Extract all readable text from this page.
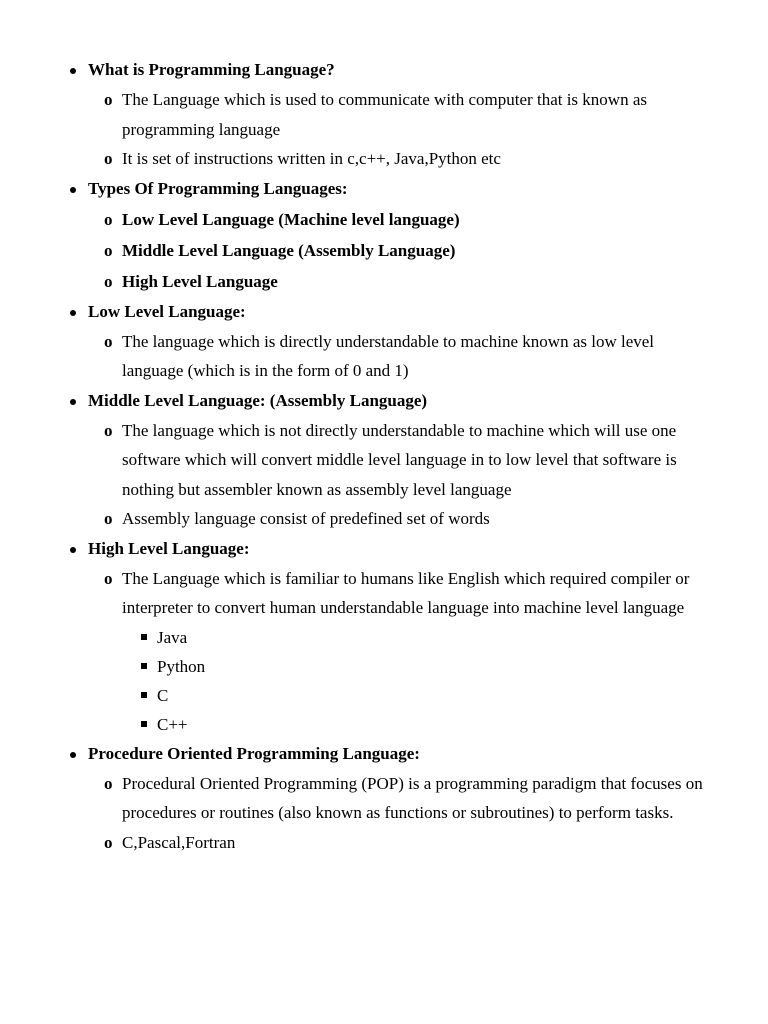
What is Programming Language?
o The Language which is used to communicate with computer that is known as programming language
o It is set of instructions written in c,c++, Java,Python etc
Types Of Programming Languages:
o Low Level Language (Machine level language)
o Middle Level Language (Assembly Language)
o High Level Language
Low Level Language:
o The language which is directly understandable to machine known as low level language (which is in the form of 0 and 1)
Middle Level Language: (Assembly Language)
o The language which is not directly understandable to machine which will use one software which will convert middle level language in to low level that software is nothing but assembler known as assembly level language
o Assembly language consist of predefined set of words
High Level Language:
o The Language which is familiar to humans like English which required compiler or interpreter to convert human understandable language into machine level language
Java
Python
C
C++
Procedure Oriented Programming Language:
o Procedural Oriented Programming (POP) is a programming paradigm that focuses on procedures or routines (also known as functions or subroutines) to perform tasks.
o C,Pascal,Fortran
